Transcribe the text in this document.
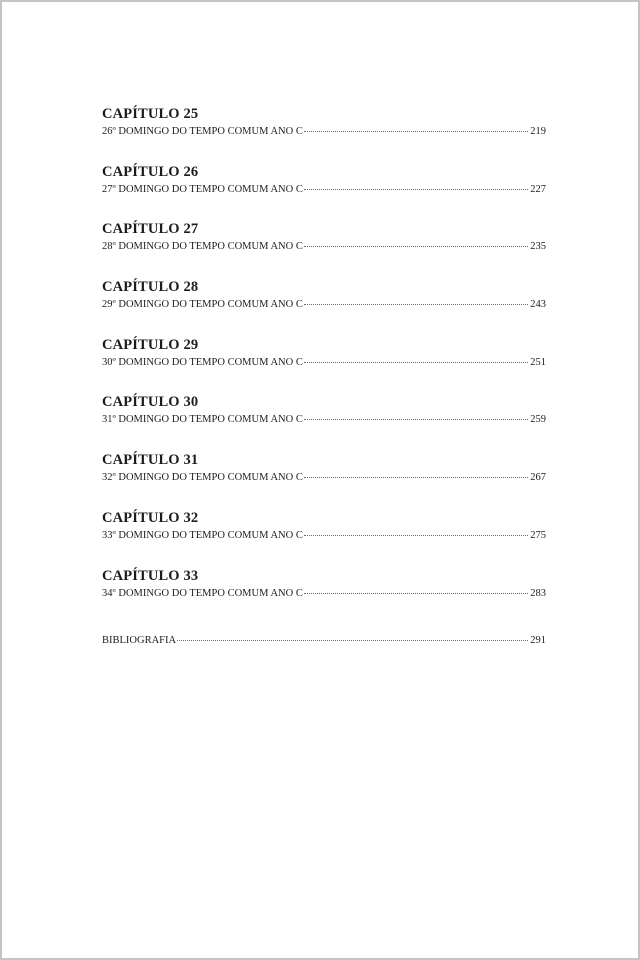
CAPÍTULO 25
26º DOMINGO DO TEMPO COMUM ANO C	219
CAPÍTULO 26
27º DOMINGO DO TEMPO COMUM ANO C	227
CAPÍTULO 27
28º DOMINGO DO TEMPO COMUM ANO C	235
CAPÍTULO 28
29º DOMINGO DO TEMPO COMUM ANO C	243
CAPÍTULO 29
30º DOMINGO DO TEMPO COMUM ANO C	251
CAPÍTULO 30
31º DOMINGO DO TEMPO COMUM ANO C	259
CAPÍTULO 31
32º DOMINGO DO TEMPO COMUM ANO C	267
CAPÍTULO 32
33º DOMINGO DO TEMPO COMUM ANO C	275
CAPÍTULO 33
34º DOMINGO DO TEMPO COMUM ANO C	283
BIBLIOGRAFIA	291
